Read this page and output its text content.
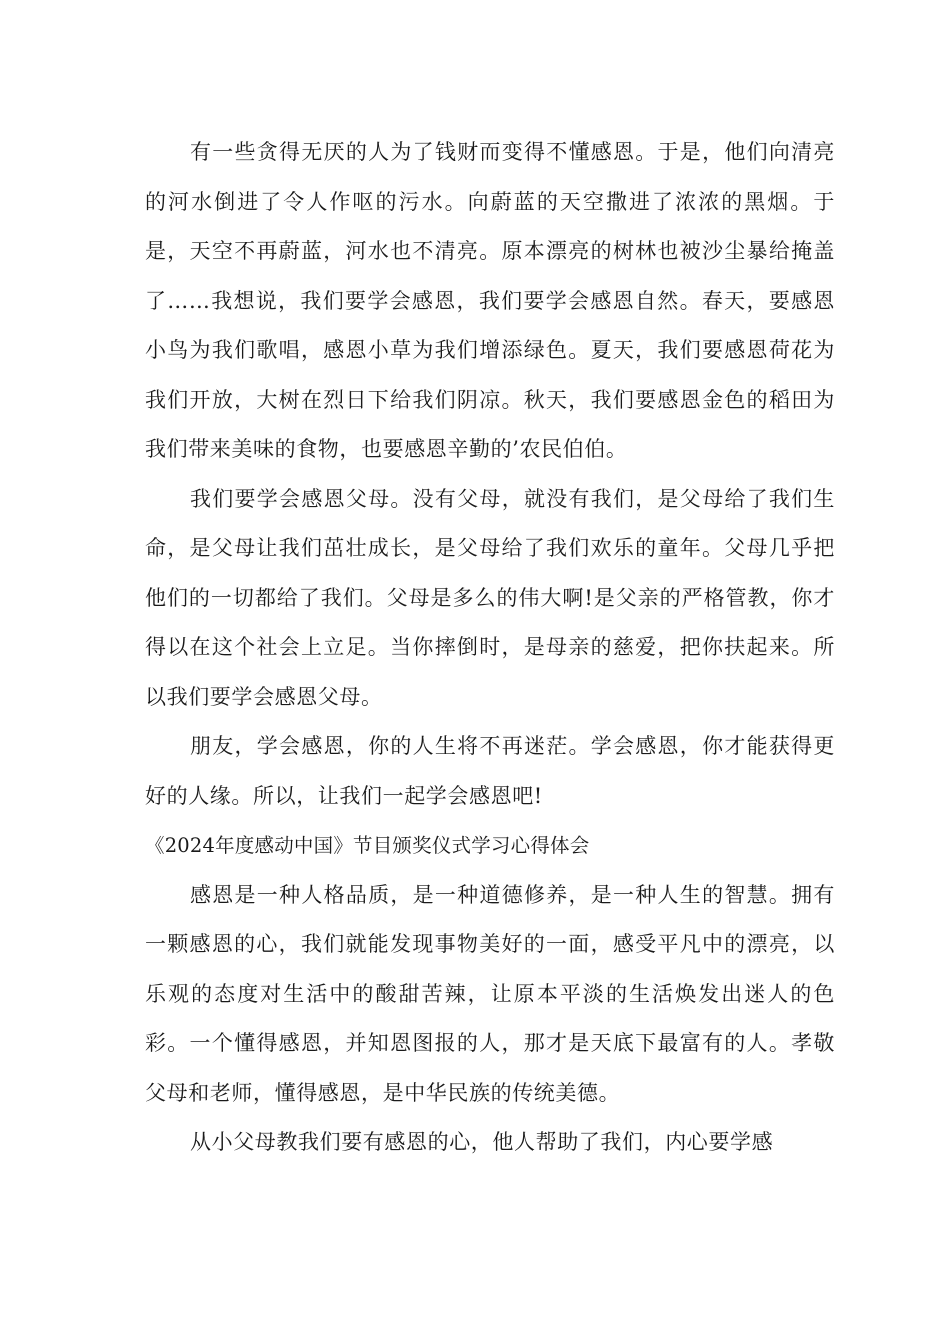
有一些贪得无厌的人为了钱财而变得不懂感恩。于是，他们向清亮的河水倒进了令人作呕的污水。向蔚蓝的天空撒进了浓浓的黑烟。于是，天空不再蔚蓝，河水也不清亮。原本漂亮的树林也被沙尘暴给掩盖了……我想说，我们要学会感恩，我们要学会感恩自然。春天，要感恩小鸟为我们歌唱，感恩小草为我们增添绿色。夏天，我们要感恩荷花为我们开放，大树在烈日下给我们阴凉。秋天，我们要感恩金色的稻田为我们带来美味的食物，也要感恩辛勤的’农民伯伯。

我们要学会感恩父母。没有父母，就没有我们，是父母给了我们生命，是父母让我们茁壮成长，是父母给了我们欢乐的童年。父母几乎把他们的一切都给了我们。父母是多么的伟大啊!是父亲的严格管教，你才得以在这个社会上立足。当你摔倒时，是母亲的慈爱，把你扶起来。所以我们要学会感恩父母。

朋友，学会感恩，你的人生将不再迷茫。学会感恩，你才能获得更好的人缘。所以，让我们一起学会感恩吧!

《2024年度感动中国》节目颁奖仪式学习心得体会

感恩是一种人格品质，是一种道德修养，是一种人生的智慧。拥有一颗感恩的心，我们就能发现事物美好的一面，感受平凡中的漂亮，以乐观的态度对生活中的酸甜苦辣，让原本平淡的生活焕发出迷人的色彩。一个懂得感恩，并知恩图报的人，那才是天底下最富有的人。孝敬父母和老师，懂得感恩，是中华民族的传统美德。

从小父母教我们要有感恩的心，他人帮助了我们，内心要学感
